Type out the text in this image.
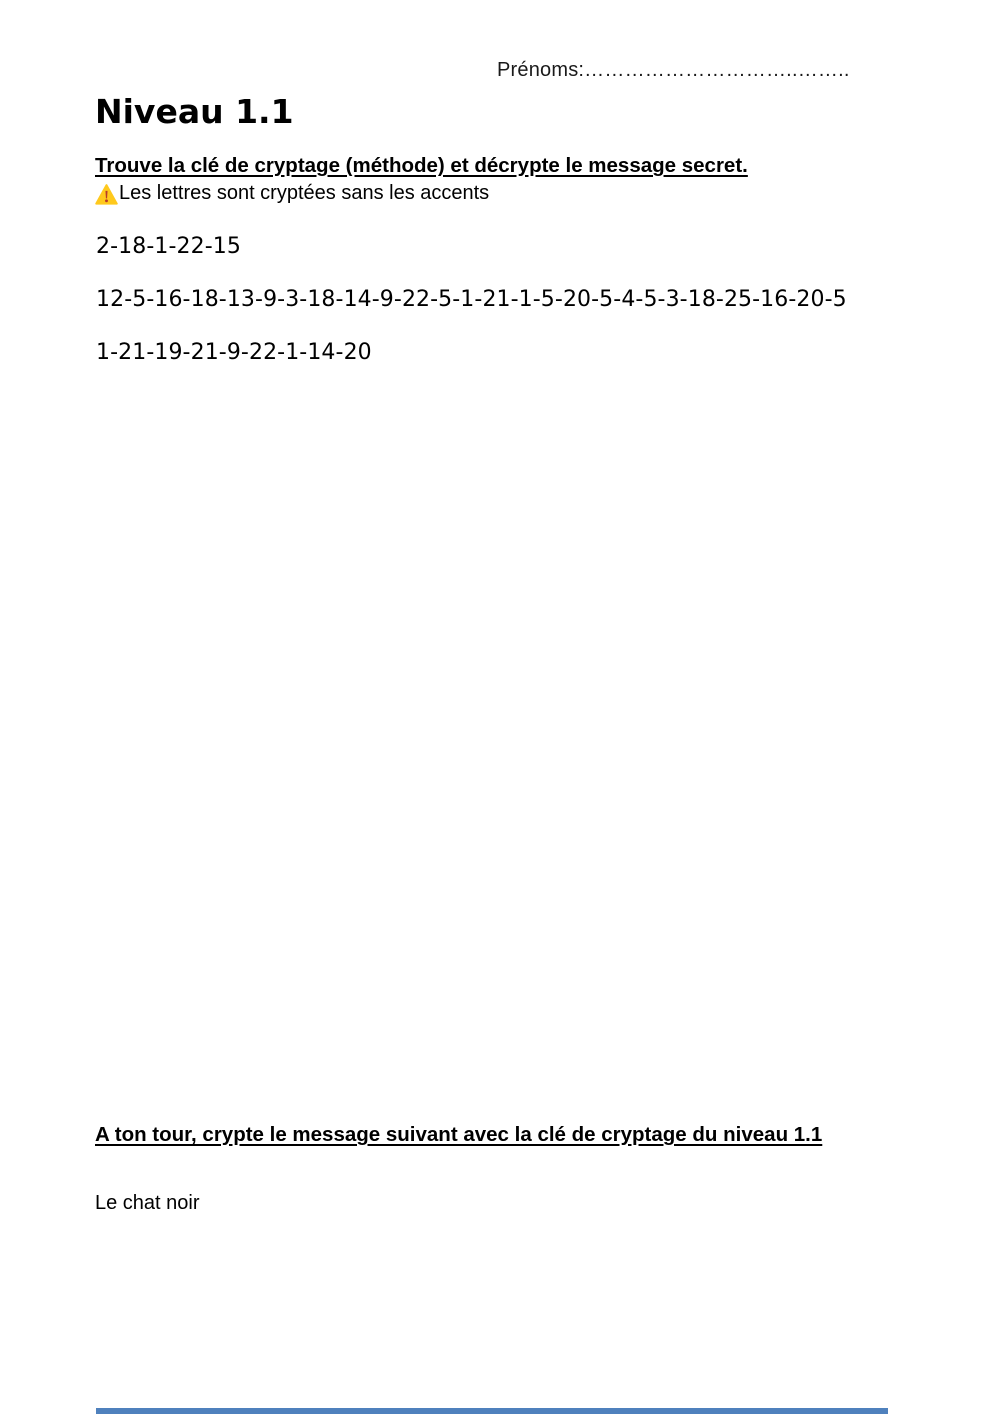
Prénoms:…………………………..……..
Niveau 1.1
Trouve la clé de cryptage (méthode) et décrypte le message secret.
Les lettres sont cryptées sans les accents
2-18-1-22-15
12-5-16-18-13-9-3-18-14-9-22-5-1-21-1-5-20-5-4-5-3-18-25-16-20-5
1-21-19-21-9-22-1-14-20
A ton tour, crypte le message suivant avec la clé de cryptage du niveau 1.1
Le chat noir
